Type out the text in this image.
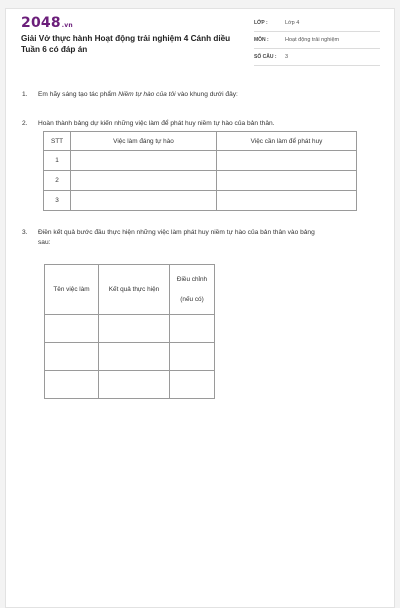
2048.vn
Giải Vở thực hành Hoạt động trải nghiệm 4 Cánh diều Tuần 6 có đáp án
LỚP :	Lớp 4
MÔN :	Hoạt động trải nghiệm
SỐ CÂU :	3
1. Em hãy sáng tạo tác phẩm Niềm tự hào của tôi vào khung dưới đây:
2. Hoàn thành bảng dự kiến những việc làm để phát huy niềm tự hào của bản thân.
STT	Việc làm đáng tự hào	Việc cần làm để phát huy
1		
2		
3		
3. Điền kết quả bước đầu thực hiện những việc làm phát huy niềm tự hào của bản thân vào bảng
sau:
Tên việc làm	Kết quả thực hiện	Điều chỉnh

(nếu có)
